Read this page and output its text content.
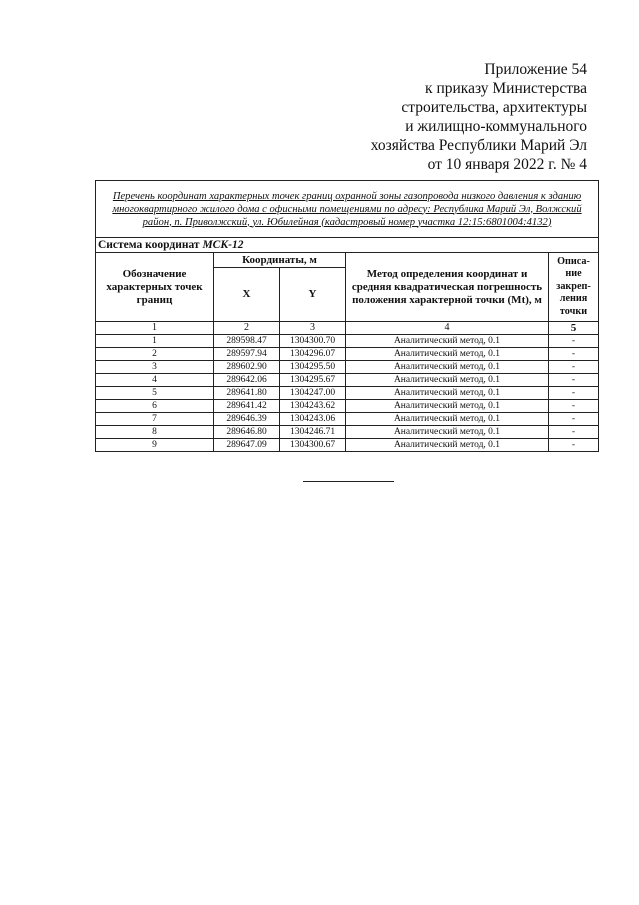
Приложение 54
к приказу Министерства
строительства, архитектуры
и жилищно-коммунального
хозяйства Республики Марий Эл
от 10 января 2022 г. № 4
Перечень координат характерных точек границ охранной зоны газопровода низкого давления к зданию многоквартирного жилого дома с офисными помещениями по адресу: Республика Марий Эл, Волжский район, п. Приволжский, ул. Юбилейная (кадастровый номер участка 12:15:6801004:4132)				
Система координат МСК-12				
Обозначение характерных точек границ	Координаты, м		Метод определения координат и средняя квадратическая погрешность положения характерной точки (Mt), м	Описа-ние закреп-ления точки
	X	Y		
1	2	3	4	5
1	289598.47	1304300.70	Аналитический метод, 0.1	-
2	289597.94	1304296.07	Аналитический метод, 0.1	-
3	289602.90	1304295.50	Аналитический метод, 0.1	-
4	289642.06	1304295.67	Аналитический метод, 0.1	-
5	289641.80	1304247.00	Аналитический метод, 0.1	-
6	289641.42	1304243.62	Аналитический метод, 0.1	-
7	289646.39	1304243.06	Аналитический метод, 0.1	-
8	289646.80	1304246.71	Аналитический метод, 0.1	-
9	289647.09	1304300.67	Аналитический метод, 0.1	-
